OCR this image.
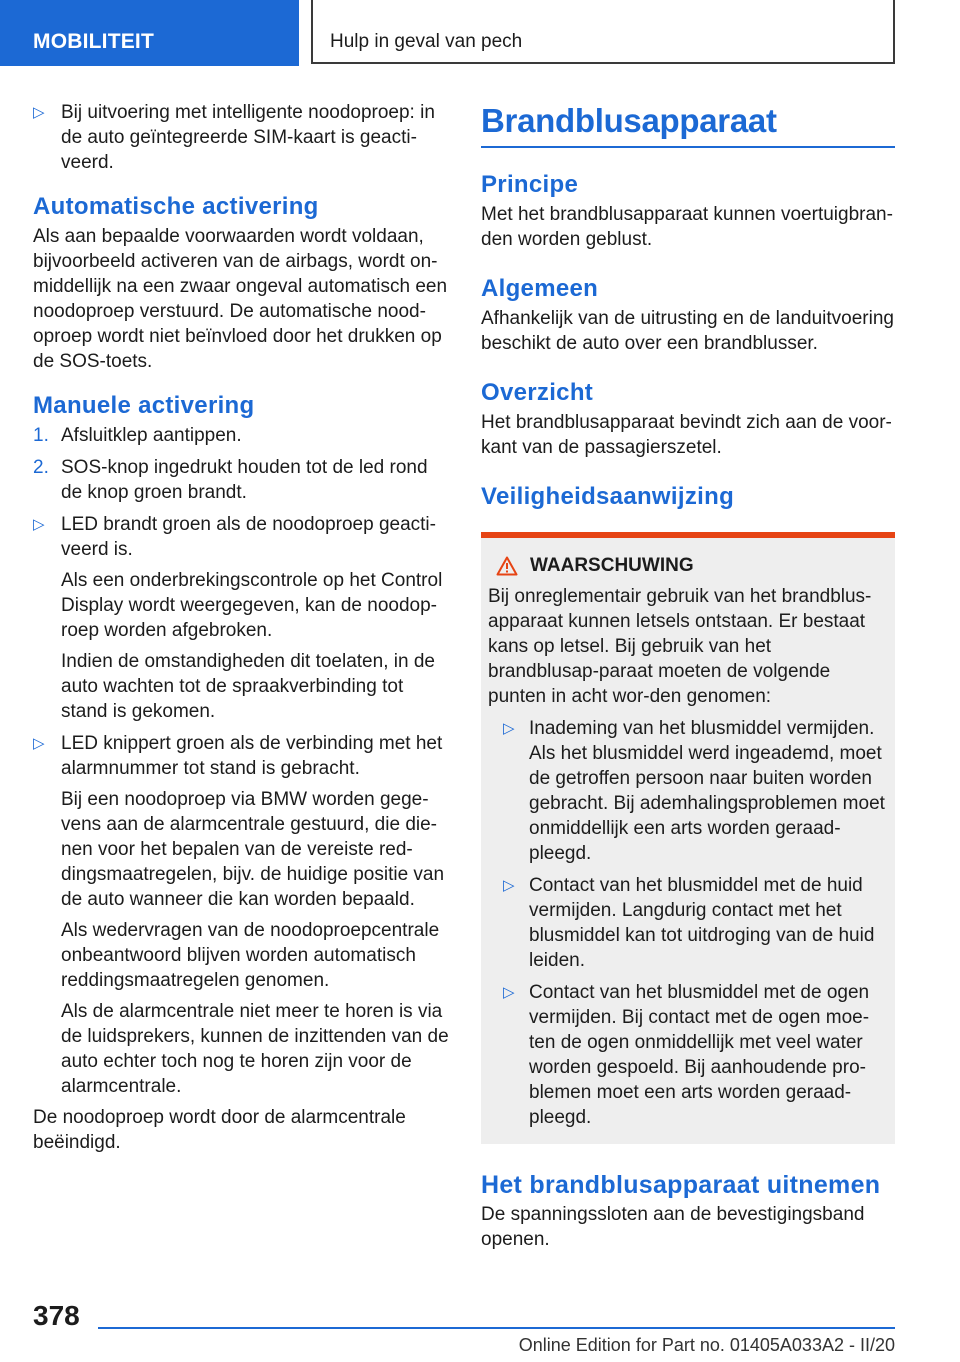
MOBILITEIT	Hulp in geval van pech
▷ Bij uitvoering met intelligente noodoproep: in de auto geïntegreerde SIM-kaart is geacti-veerd.

Automatische activering

Als aan bepaalde voorwaarden wordt voldaan, bijvoorbeeld activeren van de airbags, wordt on-middellijk na een zwaar ongeval automatisch een noodoproep verstuurd. De automatische nood-oproep wordt niet beïnvloed door het drukken op de SOS-toets.

Manuele activering
1. Afsluitklep aantippen.

2. SOS-knop ingedrukt houden tot de led rond de knop groen brandt.

▷ LED brandt groen als de noodoproep geacti-veerd is.

Als een onderbrekingscontrole op het Control Display wordt weergegeven, kan de noodop-roep worden afgebroken.

Indien de omstandigheden dit toelaten, in de auto wachten tot de spraakverbinding tot stand is gekomen.

▷ LED knippert groen als de verbinding met het alarmnummer tot stand is gebracht.

Bij een noodoproep via BMW worden gege-vens aan de alarmcentrale gestuurd, die die-nen voor het bepalen van de vereiste red-dingsmaatregelen, bijv. de huidige positie van de auto wanneer die kan worden bepaald.

Als wedervragen van de noodoproepcentrale onbeantwoord blijven worden automatisch reddingsmaatregelen genomen.

Als de alarmcentrale niet meer te horen is via de luidsprekers, kunnen de inzittenden van de auto echter toch nog te horen zijn voor de alarmcentrale.

De noodoproep wordt door de alarmcentrale beëindigd.

Brandblusapparaat
Principe

Met het brandblusapparaat kunnen voertuigbran-den worden geblust.

Algemeen

Afhankelijk van de uitrusting en de landuitvoering beschikt de auto over een brandblusser.

Overzicht

Het brandblusapparaat bevindt zich aan de voor-kant van de passagierszetel.

Veiligheidsaanwijzing
WAARSCHUWING

Bij onreglementair gebruik van het brandblus-apparaat kunnen letsels ontstaan. Er bestaat kans op letsel. Bij gebruik van het brandblusap-paraat moeten de volgende punten in acht wor-den genomen:

▷ Inademing van het blusmiddel vermijden. Als het blusmiddel werd ingeademd, moet de getroffen persoon naar buiten worden gebracht. Bij ademhalingsproblemen moet onmiddellijk een arts worden geraad-pleegd.

▷ Contact van het blusmiddel met de huid vermijden. Langdurig contact met het blusmiddel kan tot uitdroging van de huid leiden.

▷ Contact van het blusmiddel met de ogen vermijden. Bij contact met de ogen moe-ten de ogen onmiddellijk met veel water worden gespoeld. Bij aanhoudende pro-blemen moet een arts worden geraad-pleegd.

Het brandblusapparaat uitnemen

De spanningssloten aan de bevestigingsband openen.

378
Online Edition for Part no. 01405A033A2 - II/20
